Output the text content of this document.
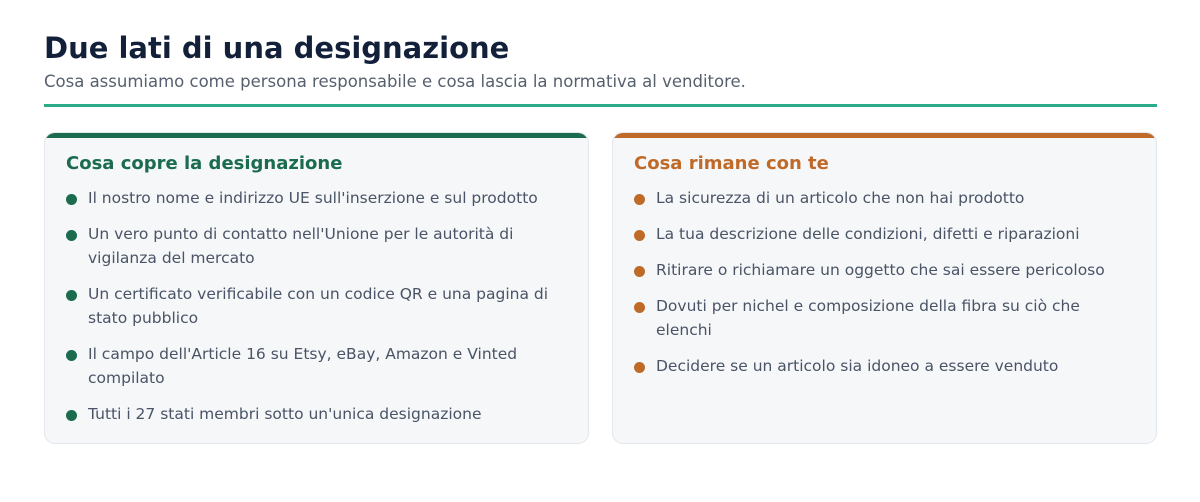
Due lati di una designazione
Cosa assumiamo come persona responsabile e cosa lascia la normativa al venditore.
Cosa copre la designazione
Il nostro nome e indirizzo UE sull'inserzione e sul prodotto
Un vero punto di contatto nell'Unione per le autorità di vigilanza del mercato
Un certificato verificabile con un codice QR e una pagina di stato pubblico
Il campo dell'Article 16 su Etsy, eBay, Amazon e Vinted compilato
Tutti i 27 stati membri sotto un'unica designazione
Cosa rimane con te
La sicurezza di un articolo che non hai prodotto
La tua descrizione delle condizioni, difetti e riparazioni
Ritirare o richiamare un oggetto che sai essere pericoloso
Dovuti per nichel e composizione della fibra su ciò che elenchi
Decidere se un articolo sia idoneo a essere venduto
